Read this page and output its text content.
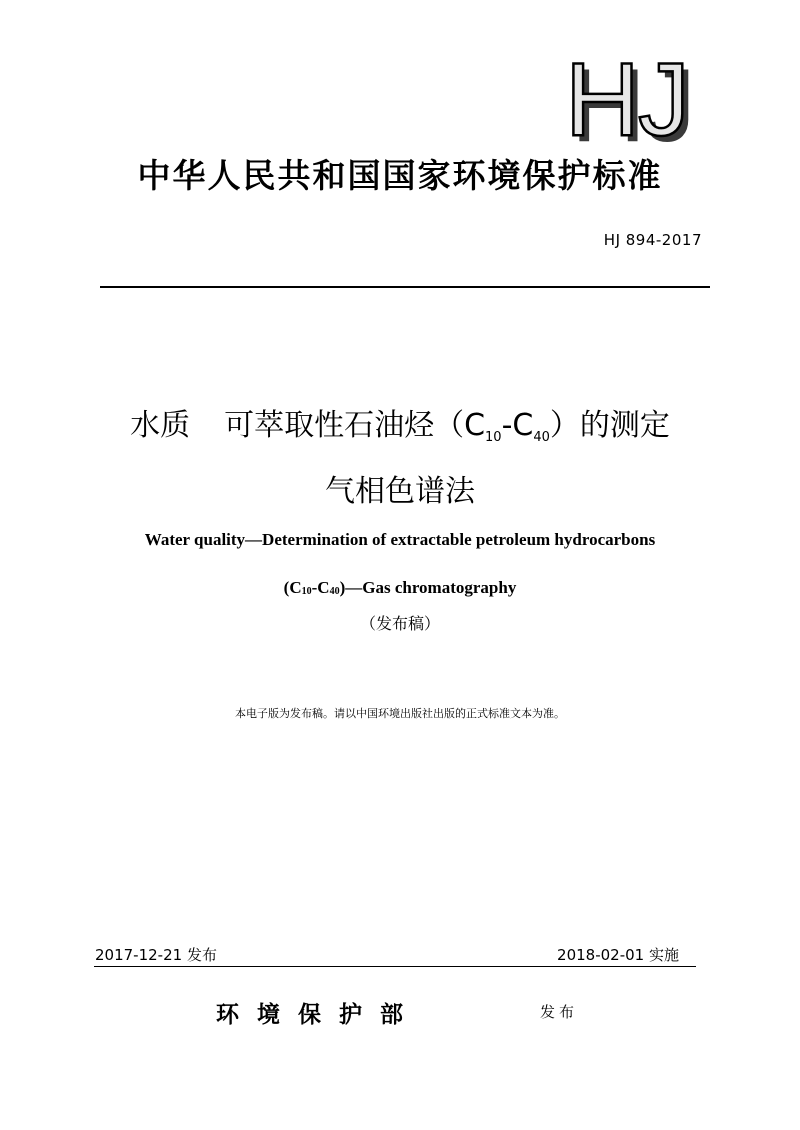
HJ
中华人民共和国国家环境保护标准
HJ 894-2017
水质 可萃取性石油烃$(C_{10}-C_{40})$的测定
气相色谱法
Water quality—Determination of extractable petroleum hydrocarbons
$(C_{10}-C_{40})—Gas$ chromatography
（发布稿）
本电子版为发布稿。请以中国环境出版社出版的正式标准文本为准。
2017-12-21 发布	2018-02-01 实施
环境保护部	发布
